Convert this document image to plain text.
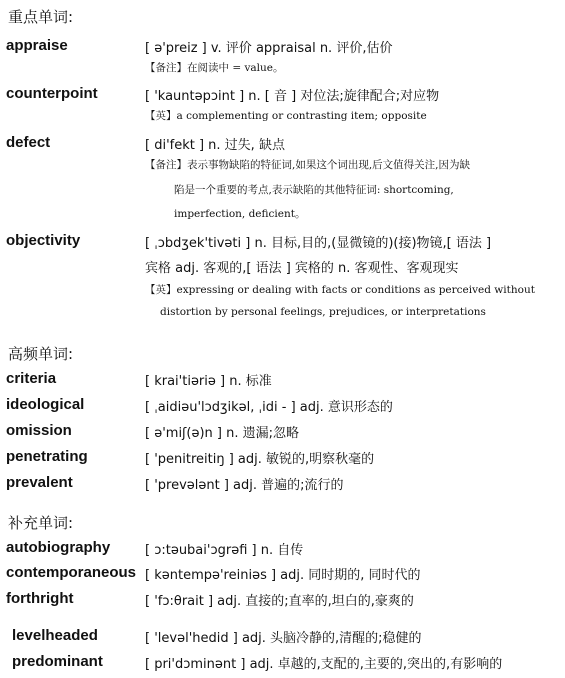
重点单词:
appraise	[ ə'preiz ] v. 评价 appraisal n. 评价,估价
【备注】在阅读中 = value。
counterpoint	[ 'kauntəpɔint ] n. [ 音 ] 对位法;旋律配合;对应物
【英】a complementing or contrasting item; opposite
defect	[ di'fekt ] n. 过失, 缺点
【备注】表示事物缺陷的特征词,如果这个词出现,后文值得关注,因为缺
陷是一个重要的考点,表示缺陷的其他特征词: shortcoming,
imperfection, deficient。
objectivity	[ ˌɔbdʒek'tivəti ] n. 目标,目的,(显微镜的)(接)物镜,[ 语法 ]
宾格 adj. 客观的,[ 语法 ] 宾格的 n. 客观性、客观现实
【英】expressing or dealing with facts or conditions as perceived without
distortion by personal feelings, prejudices, or interpretations
高频单词:
criteria	[ krai'tiəriə ] n. 标准
ideological	[ ˌaidiəu'lɔdʒikəl, ˌidi - ] adj. 意识形态的
omission	[ ə'miʃ(ə)n ] n. 遗漏;忽略
penetrating	[ 'penitreitiŋ ] adj. 敏锐的,明察秋毫的
prevalent	[ 'prevələnt ] adj. 普遍的;流行的
补充单词:
autobiography	[ ɔ:təubai'ɔgrəfi ] n. 自传
contemporaneous [ kəntempə'reiniəs ] adj. 同时期的, 同时代的
forthright	[ 'fɔ:θrait ] adj. 直接的;直率的,坦白的,豪爽的
levelheaded	[ 'levəl'hedid ] adj. 头脑冷静的,清醒的;稳健的
predominant	[ pri'dɔminənt ] adj. 卓越的,支配的,主要的,突出的,有影响的
